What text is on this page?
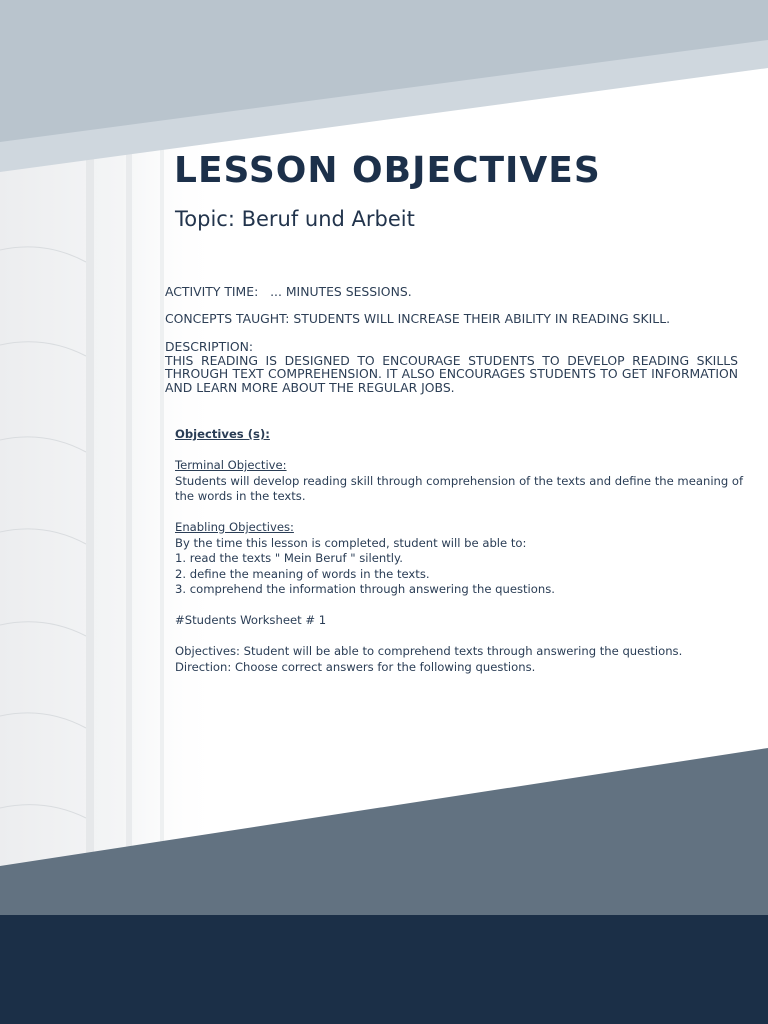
LESSON OBJECTIVES
Topic: Beruf und Arbeit
ACTIVITY TIME: ... MINUTES SESSIONS.
CONCEPTS TAUGHT: STUDENTS WILL INCREASE THEIR ABILITY IN READING SKILL.
DESCRIPTION:
THIS READING IS DESIGNED TO ENCOURAGE STUDENTS TO DEVELOP READING SKILLS THROUGH TEXT COMPREHENSION. IT ALSO ENCOURAGES STUDENTS TO GET INFORMATION AND LEARN MORE ABOUT THE REGULAR JOBS.
Objectives (s):
Terminal Objective:
Students will develop reading skill through comprehension of the texts and define the meaning of the words in the texts.
Enabling Objectives:
By the time this lesson is completed, student will be able to:
1. read the texts " Mein Beruf " silently.
2. define the meaning of words in the texts.
3. comprehend the information through answering the questions.
#Students Worksheet # 1
Objectives: Student will be able to comprehend texts through answering the questions.
Direction: Choose correct answers for the following questions.
